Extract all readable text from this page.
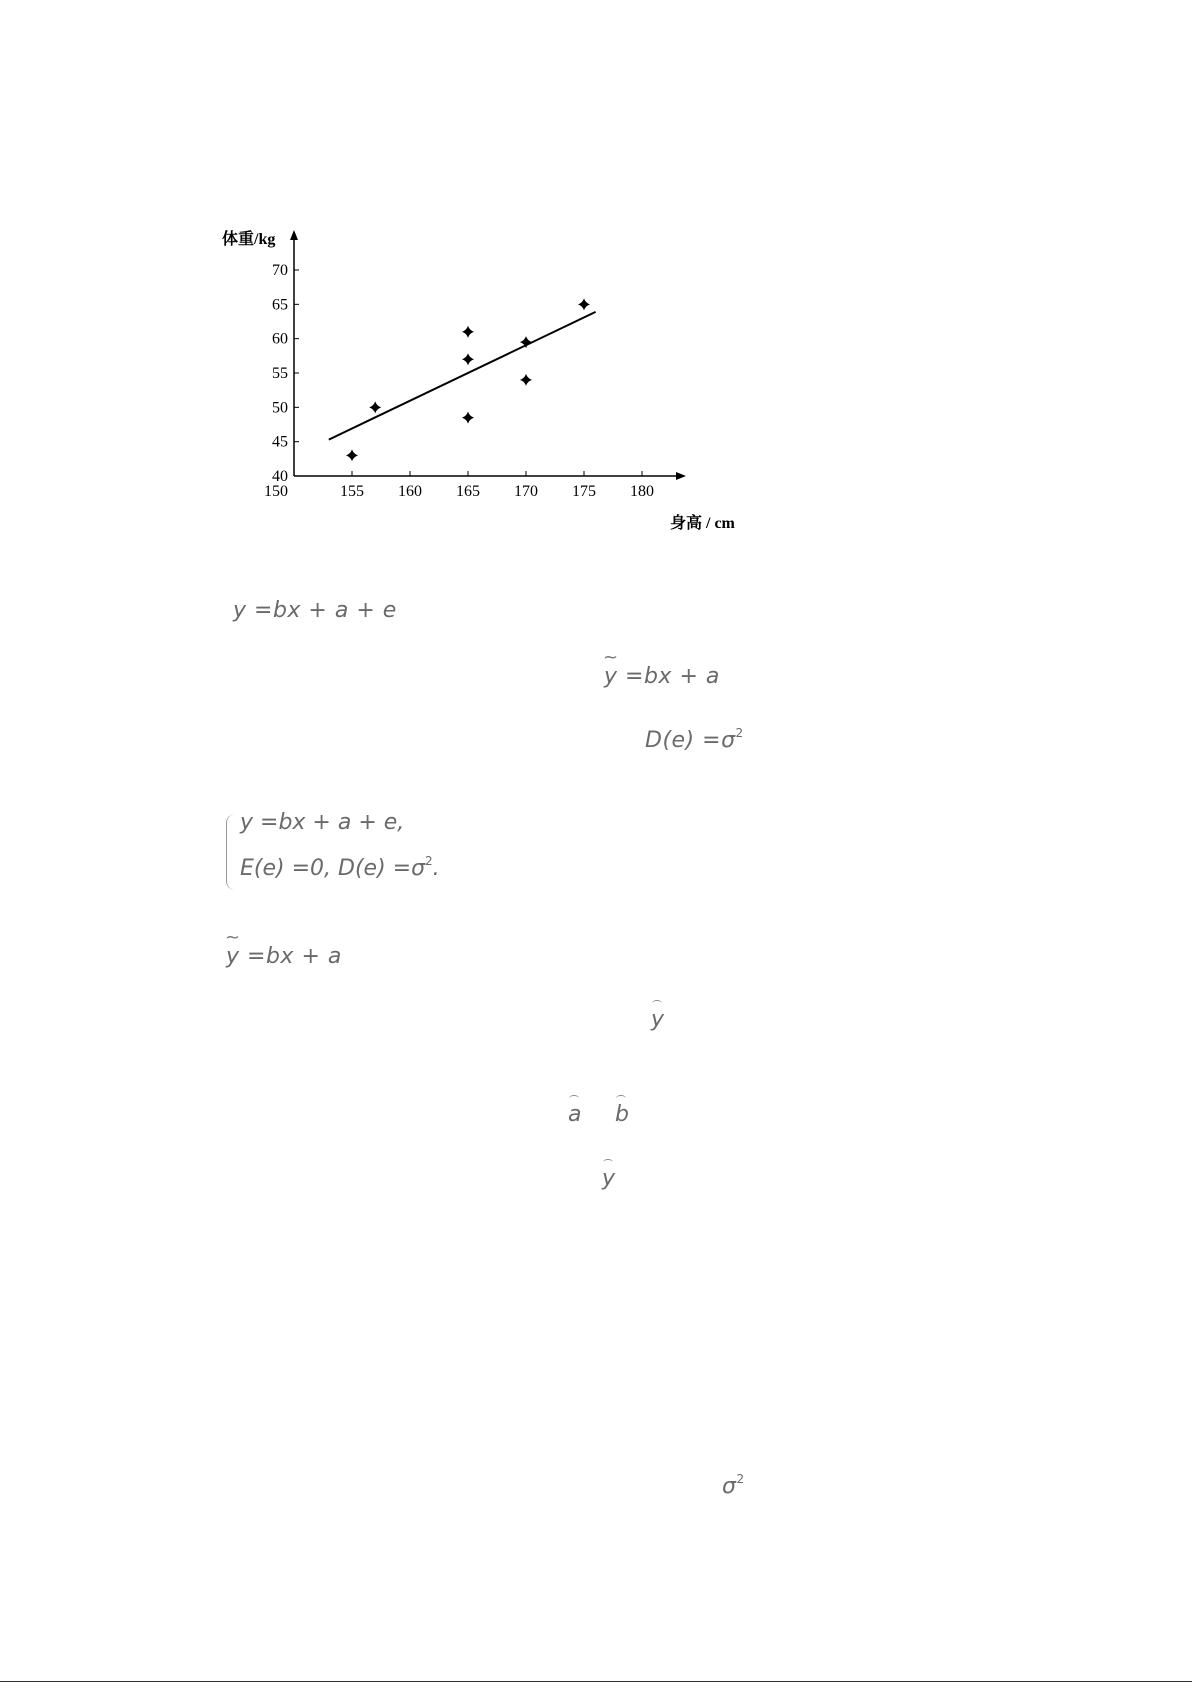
150	155 160 165 170 175 180
40
45
50
55
60
65
70
体重/kg
身高 / cm
y =bx + a + e
~ y =bx + a
$D(e) =\sigma^2$
y =bx + a + e,
E(e) =0, $D(e) =\sigma^2$.
~ y =bx + a
y
a b
y
$\sigma^2$
